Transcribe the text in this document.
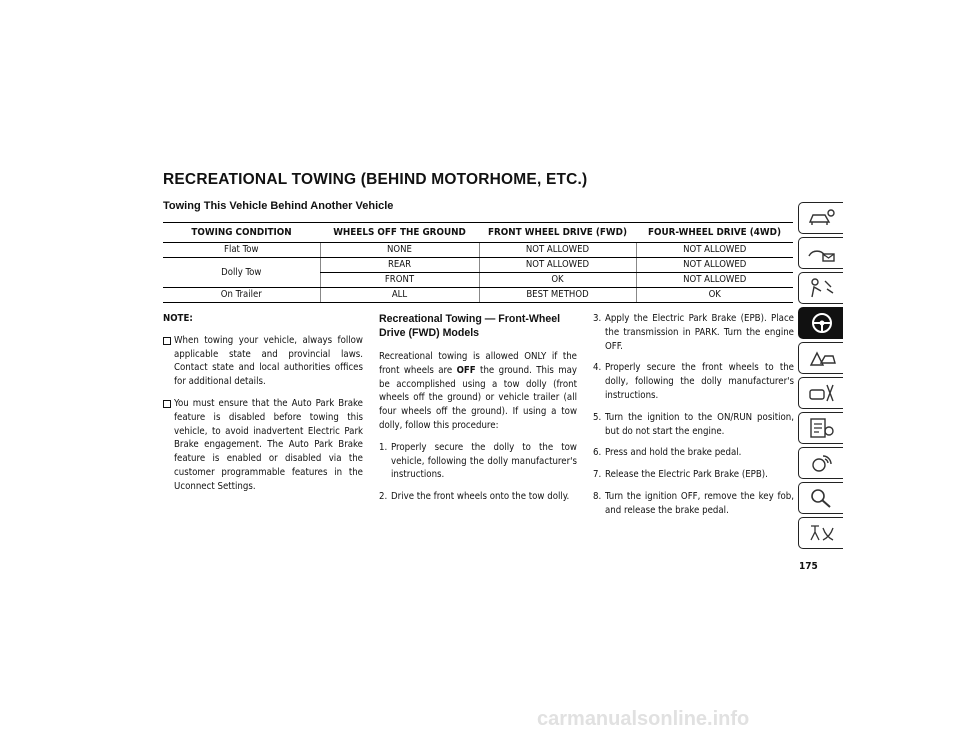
RECREATIONAL TOWING (BEHIND MOTORHOME, ETC.)
Towing This Vehicle Behind Another Vehicle
TOWING CONDITION	WHEELS OFF THE GROUND	FRONT WHEEL DRIVE (FWD)	FOUR-WHEEL DRIVE (4WD)
Flat Tow	NONE	NOT ALLOWED	NOT ALLOWED
Dolly Tow	REAR	NOT ALLOWED	NOT ALLOWED
	FRONT	OK	NOT ALLOWED
On Trailer	ALL	BEST METHOD	OK

NOTE:

When towing your vehicle, always follow applicable state and provincial laws. Contact state and local authorities offices for additional details.

You must ensure that the Auto Park Brake feature is disabled before towing this vehicle, to avoid inadvertent Electric Park Brake engagement. The Auto Park Brake feature is enabled or disabled via the customer programmable features in the Uconnect Settings.

Recreational Towing — Front-Wheel Drive (FWD) Models

Recreational towing is allowed ONLY if the front wheels are OFF the ground. This may be accomplished using a tow dolly (front wheels off the ground) or vehicle trailer (all four wheels off the ground). If using a tow dolly, follow this procedure:

1. Properly secure the dolly to the tow vehicle, following the dolly manufacturer's instructions.

2. Drive the front wheels onto the tow dolly.

3. Apply the Electric Park Brake (EPB). Place the transmission in PARK. Turn the engine OFF.

4. Properly secure the front wheels to the dolly, following the dolly manufacturer's instructions.

5. Turn the ignition to the ON/RUN position, but do not start the engine.

6. Press and hold the brake pedal.

7. Release the Electric Park Brake (EPB).

8. Turn the ignition OFF, remove the key fob, and release the brake pedal.

175
carmanualsonline.info
